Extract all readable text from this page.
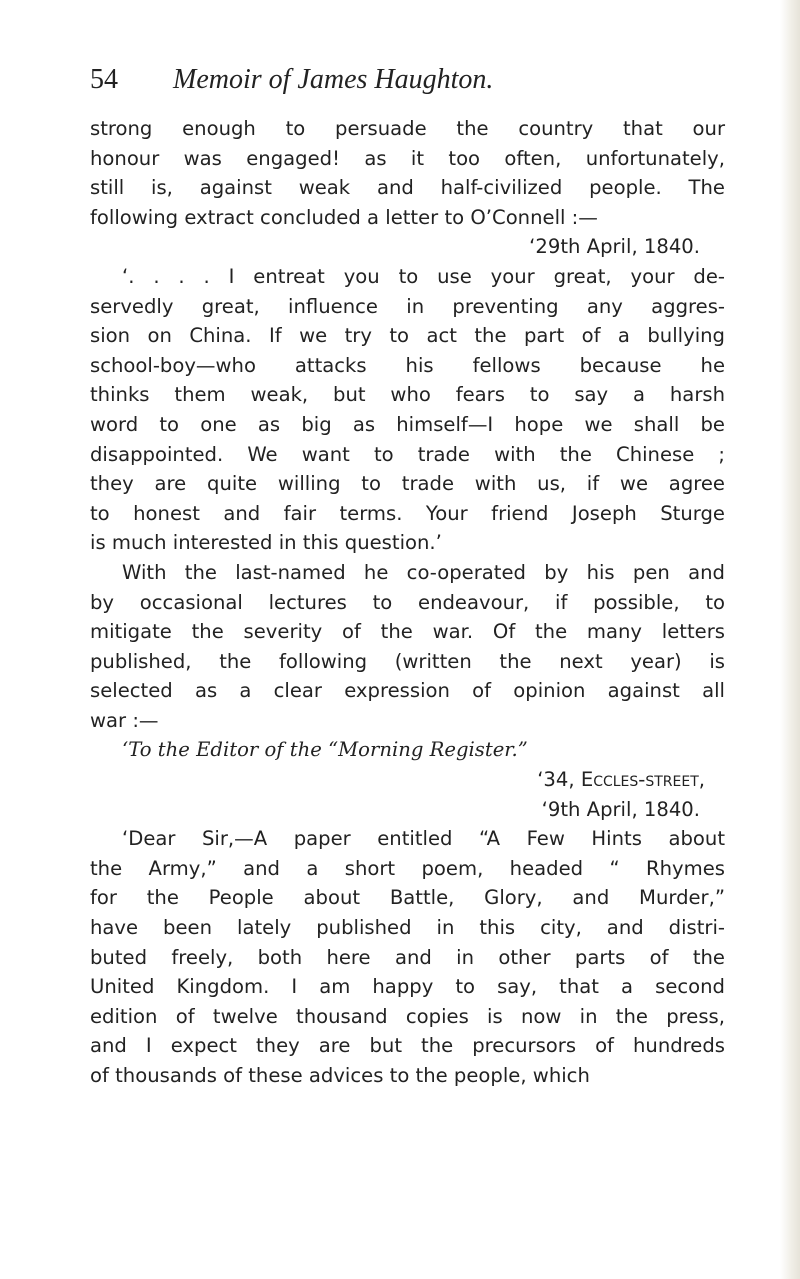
54 Memoir of James Haughton.

strong enough to persuade the country that our

honour was engaged! as it too often, unfortunately,

still is, against weak and half-civilized people. The

following extract concluded a letter to O’Connell :—

‘29th April, 1840.

‘. . . . I entreat you to use your great, your de-

servedly great, influence in preventing any aggres-

sion on China. If we try to act the part of a bullying

school-boy—who attacks his fellows because he

thinks them weak, but who fears to say a harsh

word to one as big as himself—I hope we shall be

disappointed. We want to trade with the Chinese ;

they are quite willing to trade with us, if we agree

to honest and fair terms. Your friend Joseph Sturge

is much interested in this question.’

With the last-named he co-operated by his pen and

by occasional lectures to endeavour, if possible, to

mitigate the severity of the war. Of the many letters

published, the following (written the next year) is

selected as a clear expression of opinion against all

war :—

‘To the Editor of the “Morning Register.”

‘34, Eccles-street,

‘9th April, 1840.

‘Dear Sir,—A paper entitled “A Few Hints about

the Army,” and a short poem, headed “ Rhymes

for the People about Battle, Glory, and Murder,”

have been lately published in this city, and distri-

buted freely, both here and in other parts of the

United Kingdom. I am happy to say, that a second

edition of twelve thousand copies is now in the press,

and I expect they are but the precursors of hundreds

of thousands of these advices to the people, which
